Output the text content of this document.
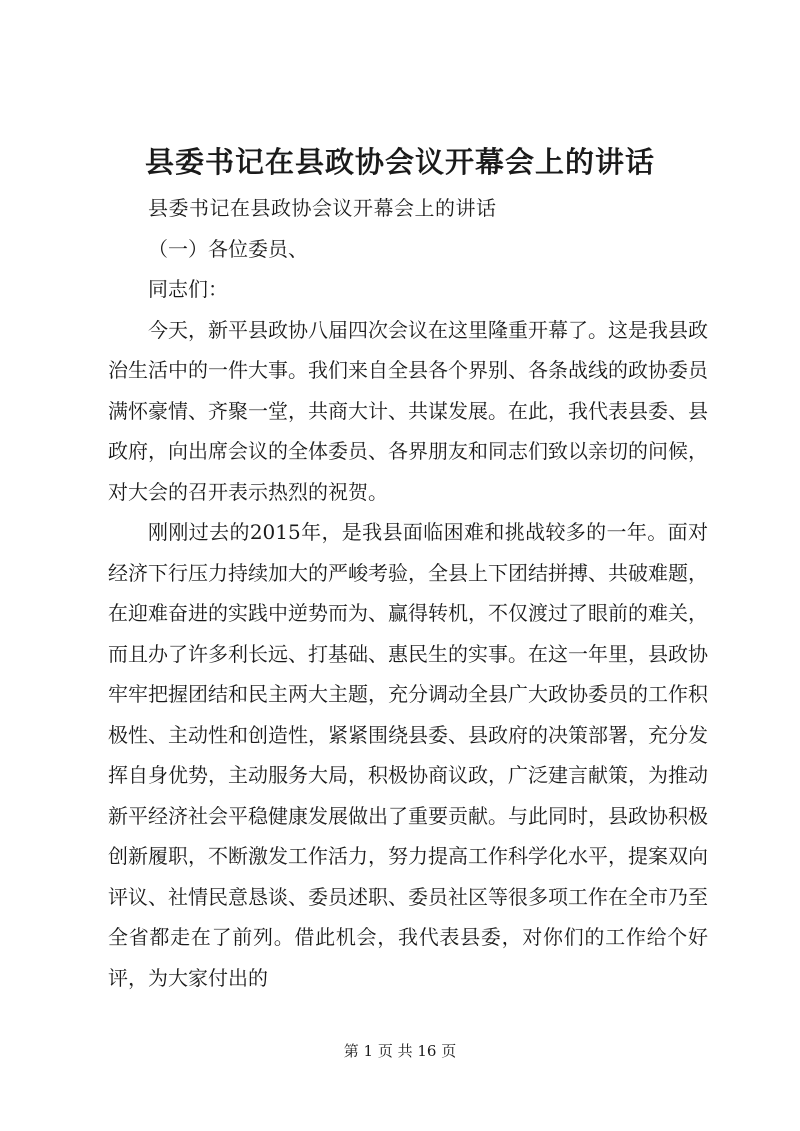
县委书记在县政协会议开幕会上的讲话

县委书记在县政协会议开幕会上的讲话

（一）各位委员、

同志们：

今天，新平县政协八届四次会议在这里隆重开幕了。这是我县政治生活中的一件大事。我们来自全县各个界别、各条战线的政协委员满怀豪情、齐聚一堂，共商大计、共谋发展。在此，我代表县委、县政府，向出席会议的全体委员、各界朋友和同志们致以亲切的问候，对大会的召开表示热烈的祝贺。

刚刚过去的2015年，是我县面临困难和挑战较多的一年。面对经济下行压力持续加大的严峻考验，全县上下团结拼搏、共破难题，在迎难奋进的实践中逆势而为、赢得转机，不仅渡过了眼前的难关，而且办了许多利长远、打基础、惠民生的实事。在这一年里，县政协牢牢把握团结和民主两大主题，充分调动全县广大政协委员的工作积极性、主动性和创造性，紧紧围绕县委、县政府的决策部署，充分发挥自身优势，主动服务大局，积极协商议政，广泛建言献策，为推动新平经济社会平稳健康发展做出了重要贡献。与此同时，县政协积极创新履职，不断激发工作活力，努力提高工作科学化水平，提案双向评议、社情民意恳谈、委员述职、委员社区等很多项工作在全市乃至全省都走在了前列。借此机会，我代表县委，对你们的工作给个好评，为大家付出的

第 1 页 共 16 页
